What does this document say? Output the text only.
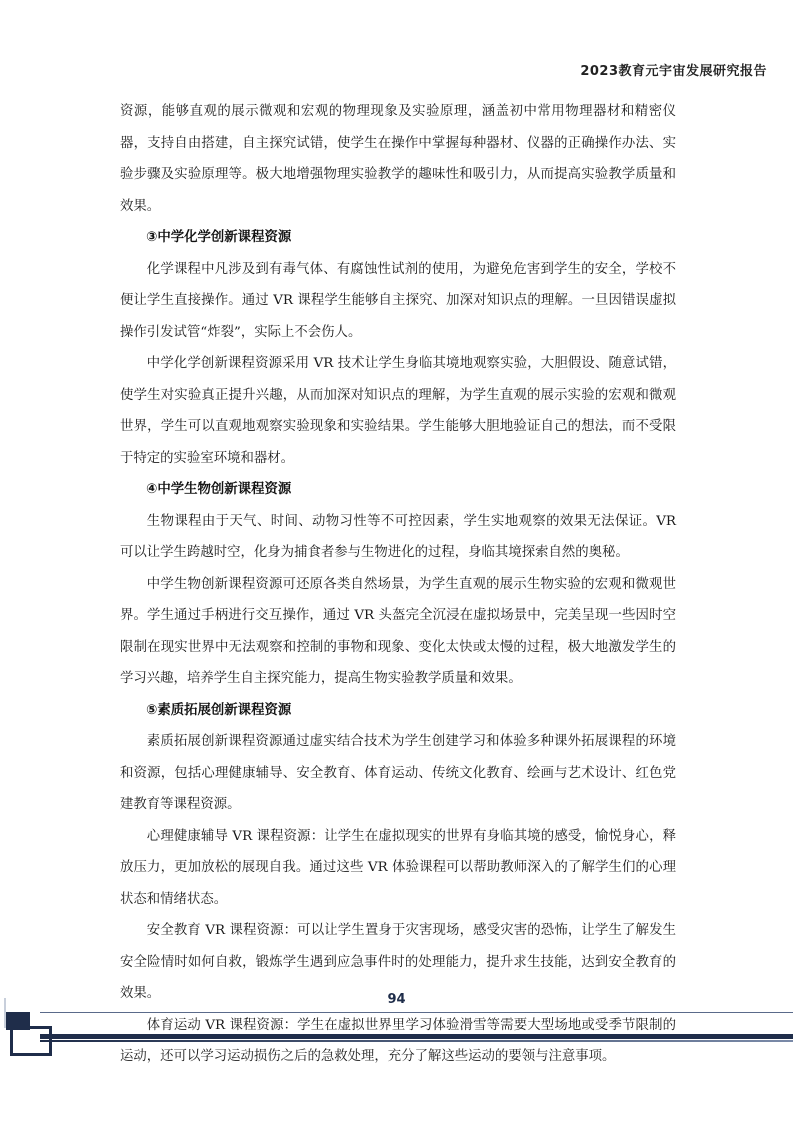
2023教育元宇宙发展研究报告

资源，能够直观的展示微观和宏观的物理现象及实验原理，涵盖初中常用物理器材和精密仪器，支持自由搭建，自主探究试错，使学生在操作中掌握每种器材、仪器的正确操作办法、实验步骤及实验原理等。极大地增强物理实验教学的趣味性和吸引力，从而提高实验教学质量和效果。

③中学化学创新课程资源

化学课程中凡涉及到有毒气体、有腐蚀性试剂的使用，为避免危害到学生的安全，学校不便让学生直接操作。通过 VR 课程学生能够自主探究、加深对知识点的理解。一旦因错误虚拟操作引发试管“炸裂”，实际上不会伤人。

中学化学创新课程资源采用 VR 技术让学生身临其境地观察实验，大胆假设、随意试错，使学生对实验真正提升兴趣，从而加深对知识点的理解，为学生直观的展示实验的宏观和微观世界，学生可以直观地观察实验现象和实验结果。学生能够大胆地验证自己的想法，而不受限于特定的实验室环境和器材。

④中学生物创新课程资源

生物课程由于天气、时间、动物习性等不可控因素，学生实地观察的效果无法保证。VR 可以让学生跨越时空，化身为捕食者参与生物进化的过程，身临其境探索自然的奥秘。

中学生物创新课程资源可还原各类自然场景，为学生直观的展示生物实验的宏观和微观世界。学生通过手柄进行交互操作，通过 VR 头盔完全沉浸在虚拟场景中，完美呈现一些因时空限制在现实世界中无法观察和控制的事物和现象、变化太快或太慢的过程，极大地激发学生的学习兴趣，培养学生自主探究能力，提高生物实验教学质量和效果。

⑤素质拓展创新课程资源

素质拓展创新课程资源通过虚实结合技术为学生创建学习和体验多种课外拓展课程的环境和资源，包括心理健康辅导、安全教育、体育运动、传统文化教育、绘画与艺术设计、红色党建教育等课程资源。

心理健康辅导 VR 课程资源：让学生在虚拟现实的世界有身临其境的感受，愉悦身心，释放压力，更加放松的展现自我。通过这些 VR 体验课程可以帮助教师深入的了解学生们的心理状态和情绪状态。

安全教育 VR 课程资源：可以让学生置身于灾害现场，感受灾害的恐怖，让学生了解发生安全险情时如何自救，锻炼学生遇到应急事件时的处理能力，提升求生技能，达到安全教育的效果。

体育运动 VR 课程资源：学生在虚拟世界里学习体验滑雪等需要大型场地或受季节限制的运动，还可以学习运动损伤之后的急救处理，充分了解这些运动的要领与注意事项。

94
